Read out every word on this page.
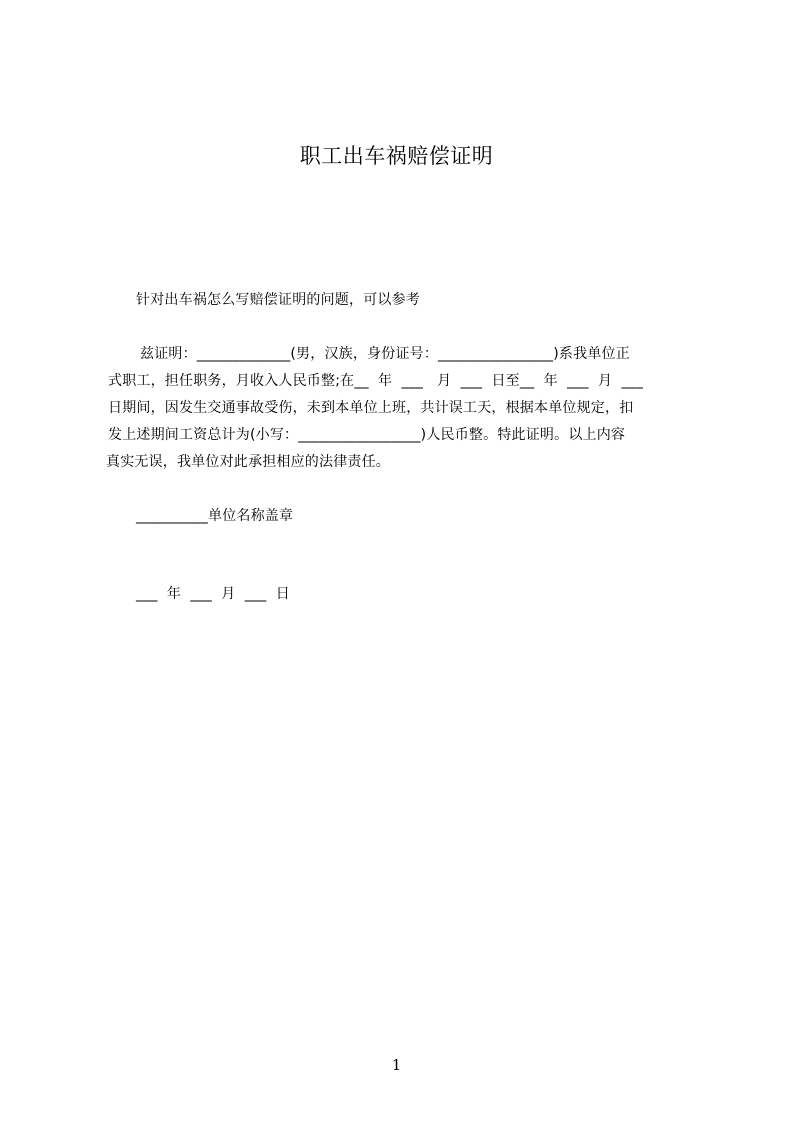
职工出车祸赔偿证明
针对出车祸怎么写赔偿证明的问题，可以参考
兹证明：_____________(男，汉族，身份证号：________________)系我单位正
式职工，担任职务，月收入人民币整;在__  年  ___   月  ___  日至__  年  ___  月  ___
日期间，因发生交通事故受伤，未到本单位上班，共计误工天，根据本单位规定，扣
发上述期间工资总计为(小写：_________________)人民币整。特此证明。以上内容
真实无误，我单位对此承担相应的法律责任。
__________单位名称盖章
___  年  ___  月  ___  日
1
